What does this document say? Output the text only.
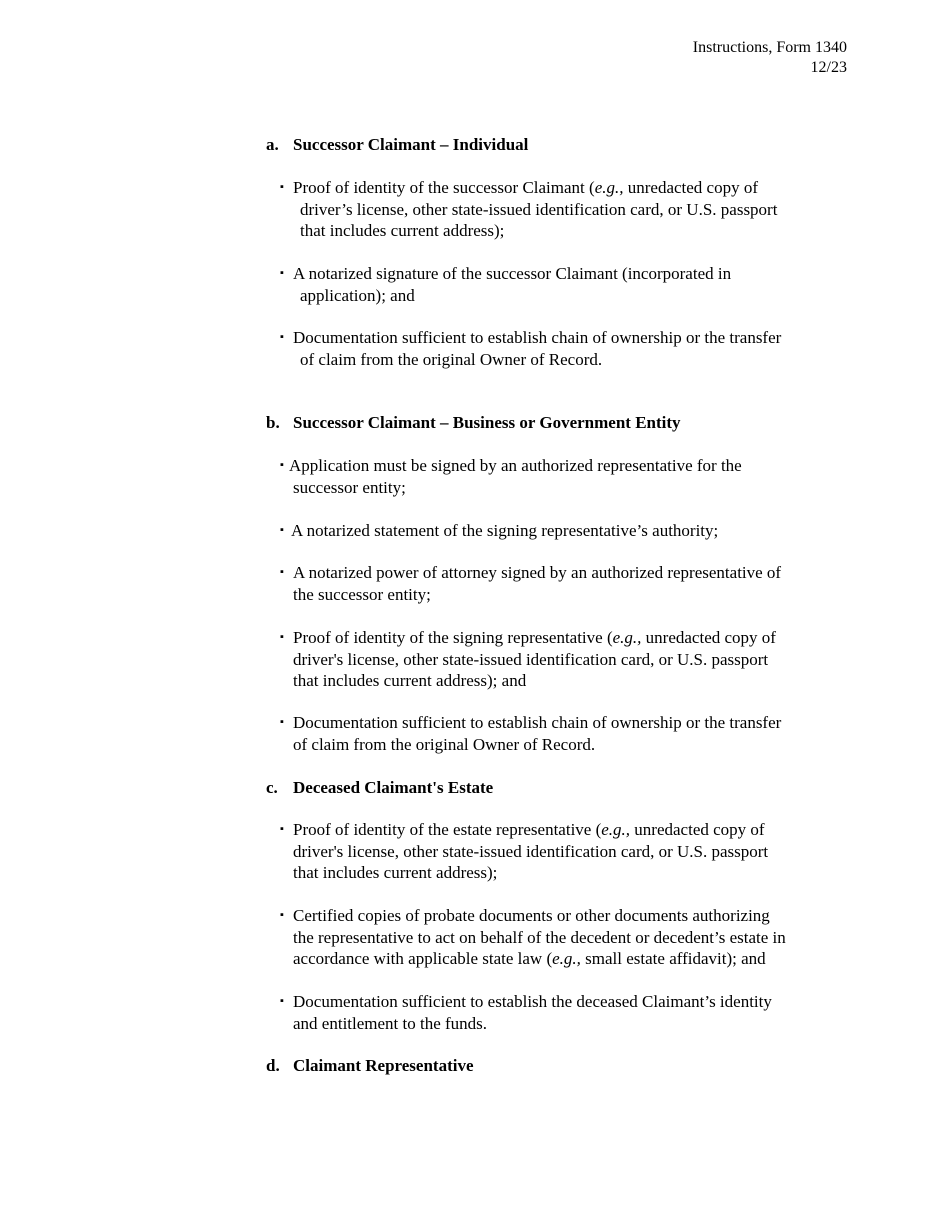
Instructions, Form 1340
12/23
a. Successor Claimant – Individual
▪ Proof of identity of the successor Claimant (e.g., unredacted copy of
driver’s license, other state-issued identification card, or U.S. passport
that includes current address);
▪ A notarized signature of the successor Claimant (incorporated in
application); and
▪ Documentation sufficient to establish chain of ownership or the transfer
of claim from the original Owner of Record.
b. Successor Claimant – Business or Government Entity
▪ Application must be signed by an authorized representative for the
successor entity;
▪ A notarized statement of the signing representative’s authority;
▪ A notarized power of attorney signed by an authorized representative of
the successor entity;
▪ Proof of identity of the signing representative (e.g., unredacted copy of
driver's license, other state-issued identification card, or U.S. passport
that includes current address); and
▪ Documentation sufficient to establish chain of ownership or the transfer
of claim from the original Owner of Record.
c. Deceased Claimant's Estate
▪ Proof of identity of the estate representative (e.g., unredacted copy of
driver's license, other state-issued identification card, or U.S. passport
that includes current address);
▪ Certified copies of probate documents or other documents authorizing
the representative to act on behalf of the decedent or decedent’s estate in
accordance with applicable state law (e.g., small estate affidavit); and
▪ Documentation sufficient to establish the deceased Claimant’s identity
and entitlement to the funds.
d. Claimant Representative
